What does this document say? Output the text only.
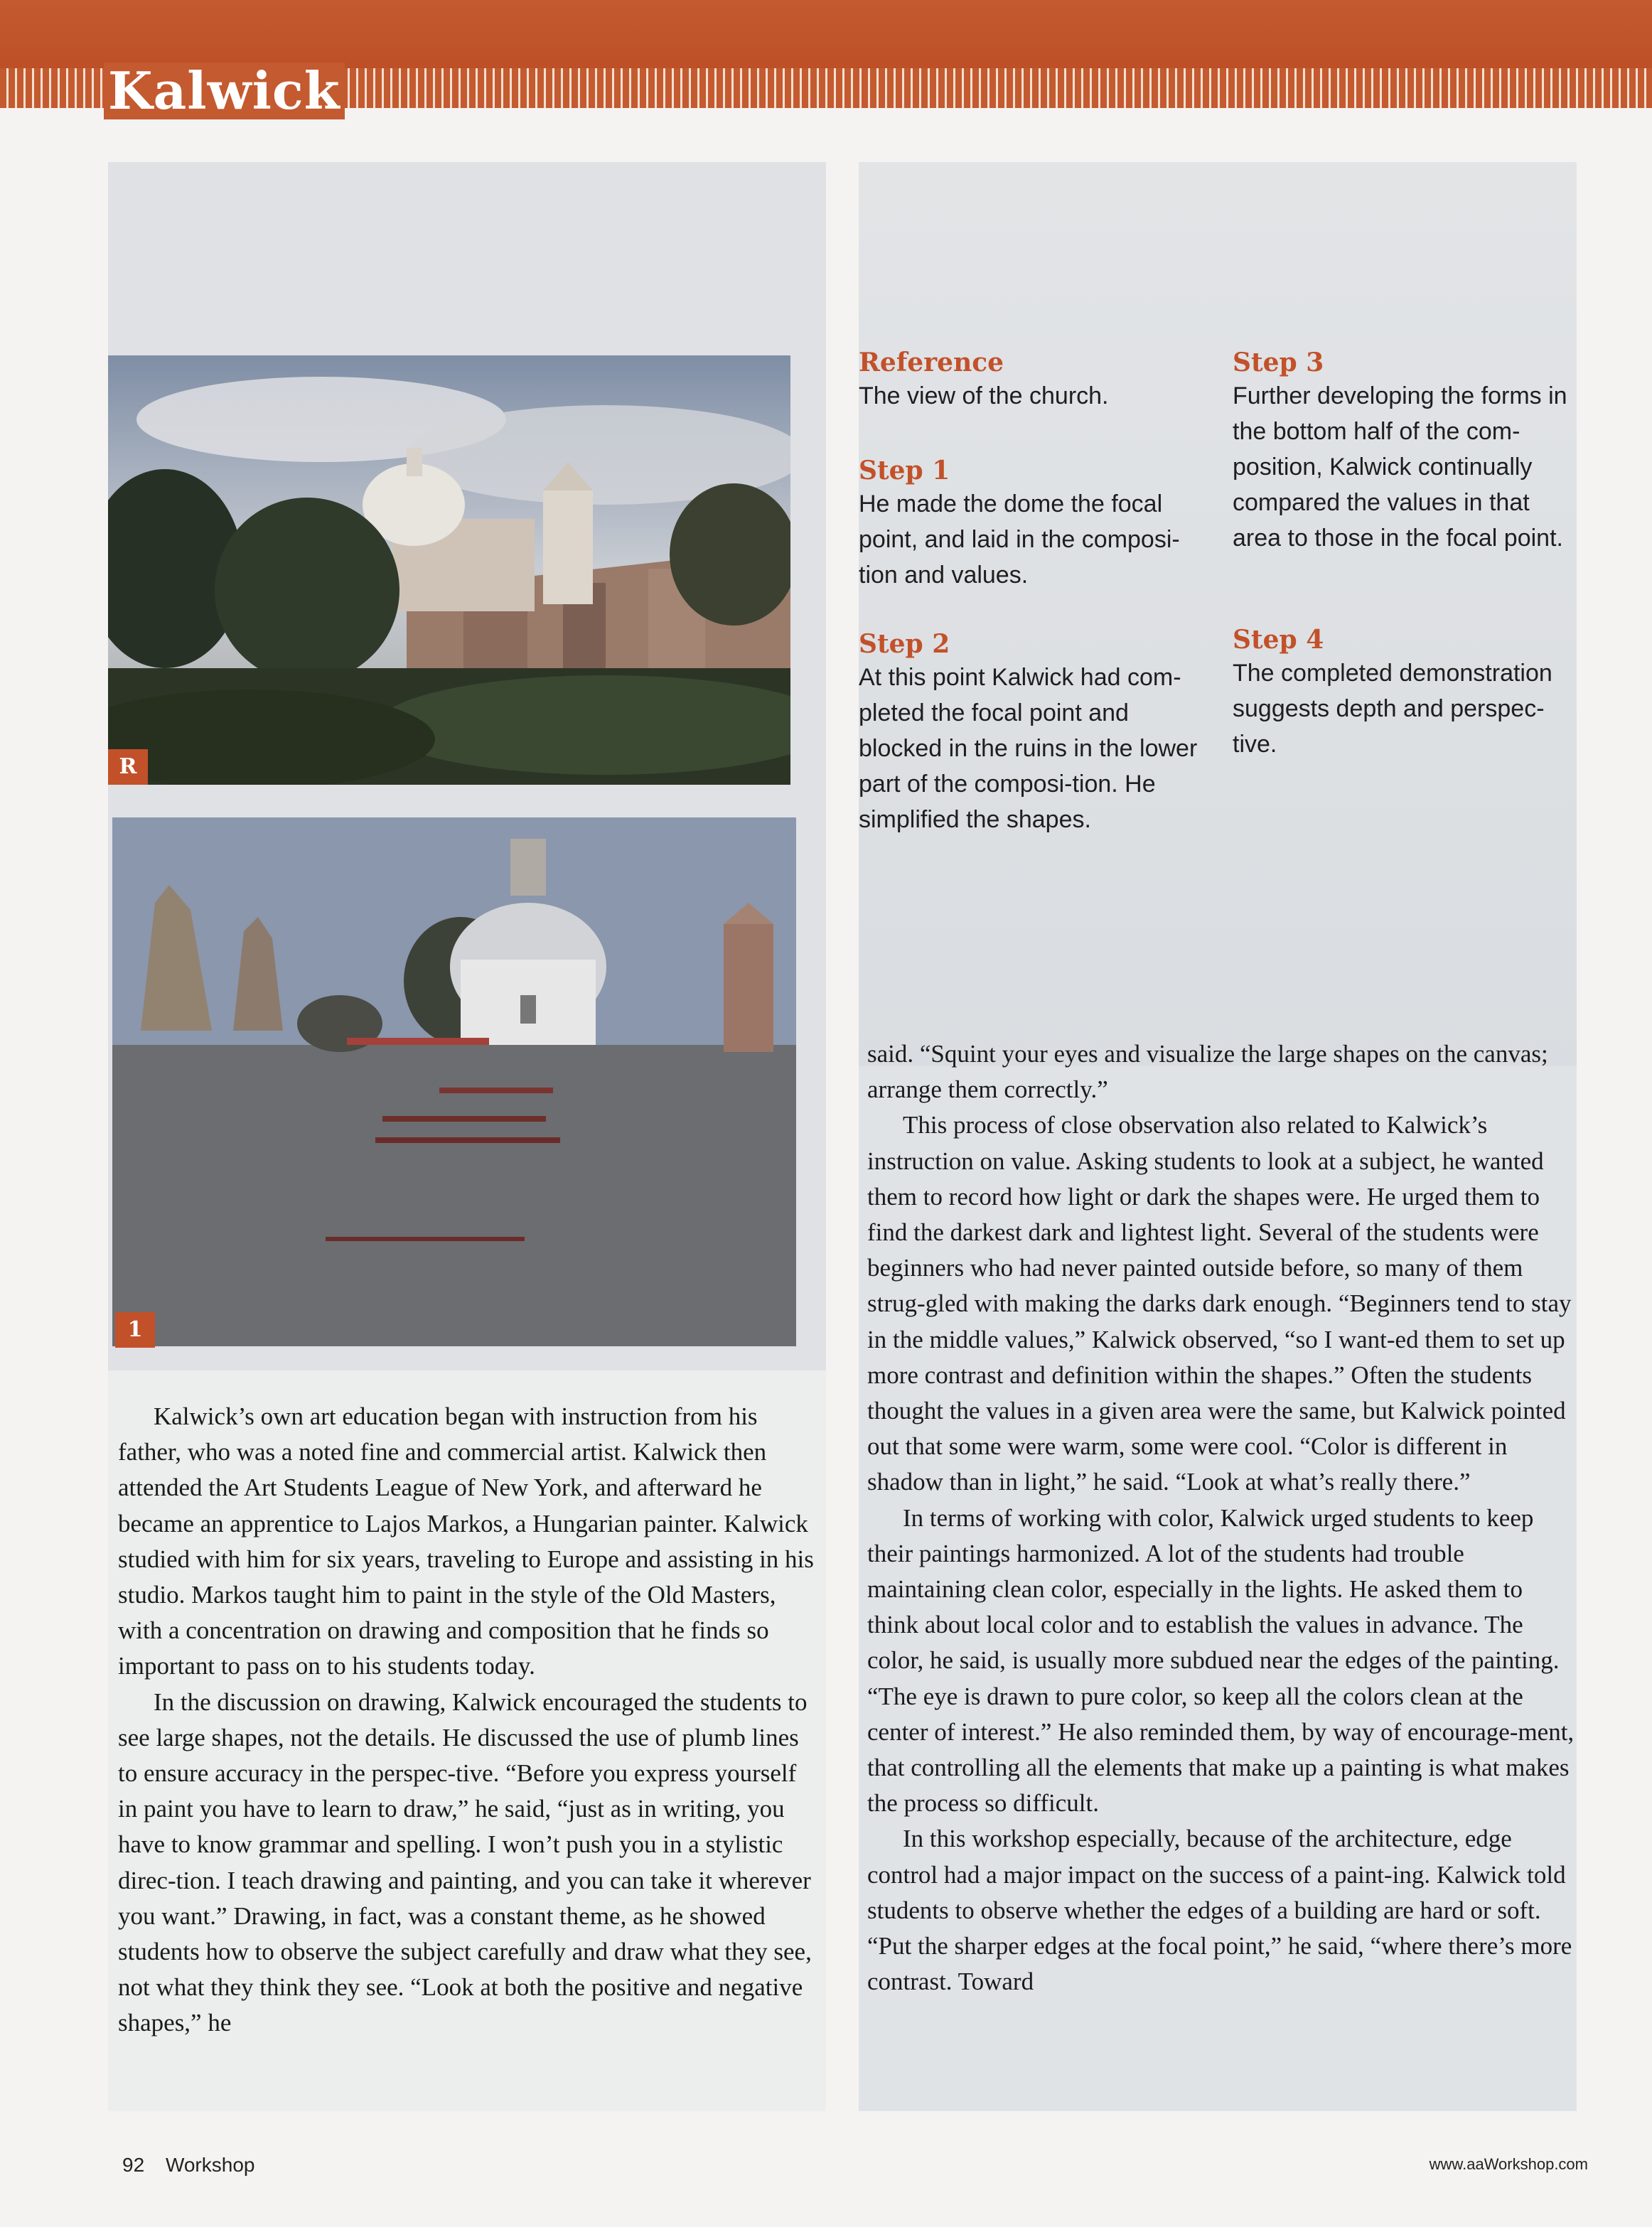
Kalwick
R
1

Reference

The view of the church.

Step 1

He made the dome the focal point, and laid in the composi-tion and values.

Step 2

At this point Kalwick had com-pleted the focal point and blocked in the ruins in the lower part of the composi-tion. He simplified the shapes.

Step 3

Further developing the forms in the bottom half of the com-position, Kalwick continually compared the values in that area to those in the focal point.

Step 4

The completed demonstration suggests depth and perspec-tive.

Kalwick’s own art education began with instruction from his father, who was a noted fine and commercial artist. Kalwick then attended the Art Students League of New York, and afterward he became an apprentice to Lajos Markos, a Hungarian painter. Kalwick studied with him for six years, traveling to Europe and assisting in his studio. Markos taught him to paint in the style of the Old Masters, with a concentration on drawing and composition that he finds so important to pass on to his students today.

In the discussion on drawing, Kalwick encouraged the students to see large shapes, not the details. He discussed the use of plumb lines to ensure accuracy in the perspec-tive. “Before you express yourself in paint you have to learn to draw,” he said, “just as in writing, you have to know grammar and spelling. I won’t push you in a stylistic direc-tion. I teach drawing and painting, and you can take it wherever you want.” Drawing, in fact, was a constant theme, as he showed students how to observe the subject carefully and draw what they see, not what they think they see. “Look at both the positive and negative shapes,” he

said. “Squint your eyes and visualize the large shapes on the canvas; arrange them correctly.”

This process of close observation also related to Kalwick’s instruction on value. Asking students to look at a subject, he wanted them to record how light or dark the shapes were. He urged them to find the darkest dark and lightest light. Several of the students were beginners who had never painted outside before, so many of them strug-gled with making the darks dark enough. “Beginners tend to stay in the middle values,” Kalwick observed, “so I want-ed them to set up more contrast and definition within the shapes.” Often the students thought the values in a given area were the same, but Kalwick pointed out that some were warm, some were cool. “Color is different in shadow than in light,” he said. “Look at what’s really there.”

In terms of working with color, Kalwick urged students to keep their paintings harmonized. A lot of the students had trouble maintaining clean color, especially in the lights. He asked them to think about local color and to establish the values in advance. The color, he said, is usually more subdued near the edges of the painting. “The eye is drawn to pure color, so keep all the colors clean at the center of interest.” He also reminded them, by way of encourage-ment, that controlling all the elements that make up a painting is what makes the process so difficult.

In this workshop especially, because of the architecture, edge control had a major impact on the success of a paint-ing. Kalwick told students to observe whether the edges of a building are hard or soft. “Put the sharper edges at the focal point,” he said, “where there’s more contrast. Toward

92 Workshop	www.aaWorkshop.com
